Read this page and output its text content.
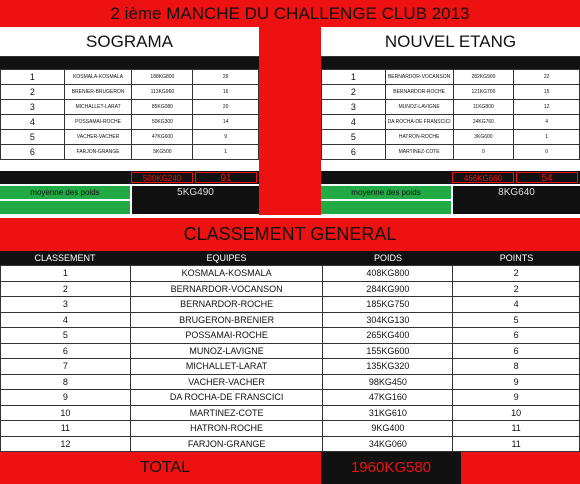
2 ième MANCHE DU CHALLENGE CLUB 2013
SOGRAMA	NOUVEL ETANG
1	KOSMALA-KOSMALA	188KG800	29
2	BRENIER-BRUGERON	113KG960	16
3	MICHALLET-LARAT	85KG080	20
4	POSSAMAI-ROCHE	50KG300	14
5	VACHER-VACHER	47KG600	9
6	FARJON-GRANGE	5KG500	1
1	BERNARDOR-VOCANSON	282KG900	22
2	BERNARDOR-ROCHE	121KG700	15
3	MUNOZ-LAVIGNE	11KG800	12
4	DA ROCHA-DE FRANSCICI	24KG760	4
5	HATRON-ROCHE	3KG600	1
6	MARTINEZ-COTE	0	0
500KG240	91	466KG660	54
moyenne des poids	5KG490	moyenne des poids	8KG640
CLASSEMENT GENERAL
CLASSEMENT	EQUIPES	POIDS	POINTS
1	KOSMALA-KOSMALA	408KG800	2
2	BERNARDOR-VOCANSON	284KG900	2
3	BERNARDOR-ROCHE	185KG750	4
4	BRUGERON-BRENIER	304KG130	5
5	POSSAMAI-ROCHE	265KG400	6
6	MUNOZ-LAVIGNE	155KG600	6
7	MICHALLET-LARAT	135KG320	8
8	VACHER-VACHER	98KG450	9
9	DA ROCHA-DE FRANSCICI	47KG160	9
10	MARTINEZ-COTE	31KG610	10
11	HATRON-ROCHE	9KG400	11
12	FARJON-GRANGE	34KG060	11
TOTAL	1960KG580
